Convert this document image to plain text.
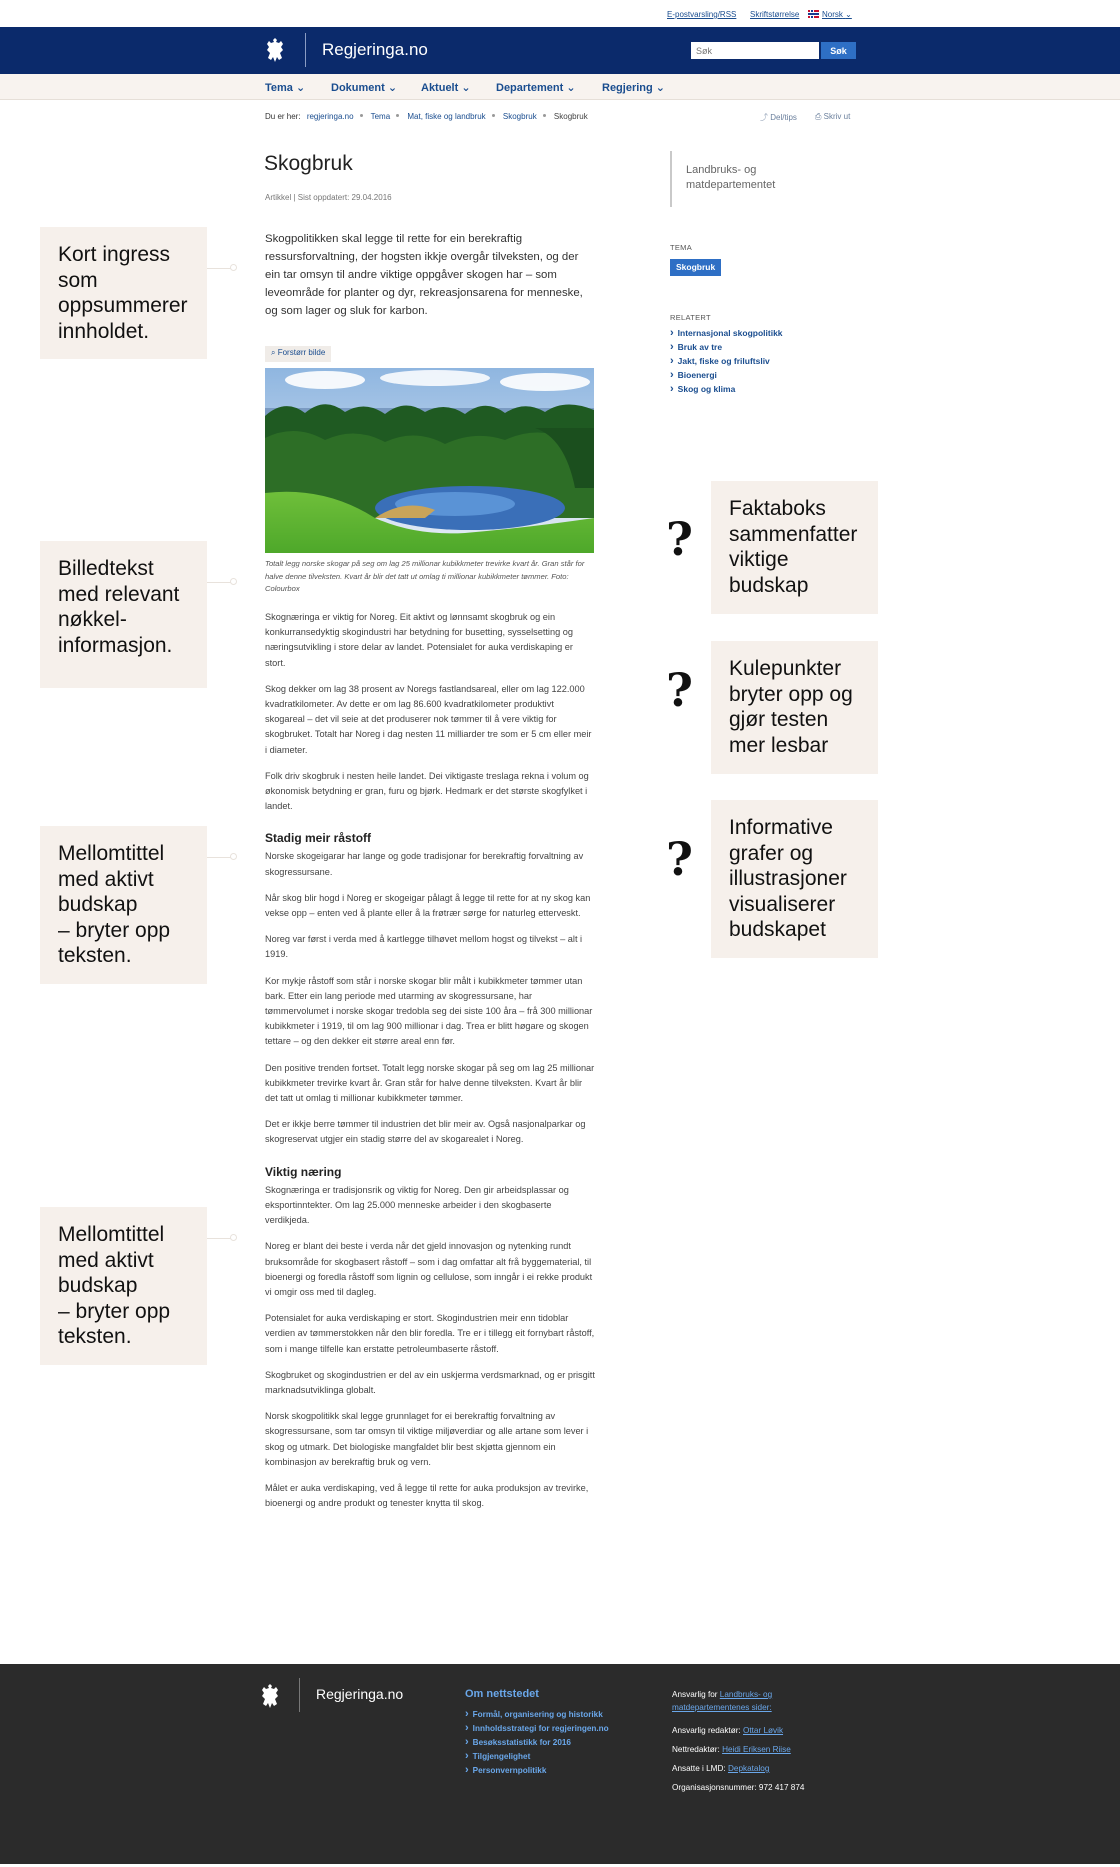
E-postvarsling/RSS Skriftstørrelse	Norsk ⌄
Regjeringa.no
Søk	Søk
Tema ⌄ Dokument ⌄ Aktuelt ⌄ Departement ⌄ Regjering ⌄
Du er her: regjeringa.no Tema Mat, fiske og landbruk Skogbruk Skogbruk	⤴ Del/tips ⎙ Skriv ut
Skogbruk
Artikkel | Sist oppdatert: 29.04.2016
Skogpolitikken skal legge til rette for ein berekraftig ressursforvaltning, der hogsten ikkje overgår tilveksten, og der ein tar omsyn til andre viktige oppgåver skogen har – som leveområde for planter og dyr, rekreasjonsarena for menneske, og som lager og sluk for karbon.
⌕ Forstørr bilde
Totalt legg norske skogar på seg om lag 25 millionar kubikkmeter trevirke kvart år. Gran står for halve denne tilveksten. Kvart år blir det tatt ut omlag ti millionar kubikkmeter tømmer. Foto: Colourbox

Skognæringa er viktig for Noreg. Eit aktivt og lønnsamt skogbruk og ein konkurransedyktig skogindustri har betydning for busetting, sysselsetting og næringsutvikling i store delar av landet. Potensialet for auka verdiskaping er stort.

Skog dekker om lag 38 prosent av Noregs fastlandsareal, eller om lag 122.000 kvadratkilometer. Av dette er om lag 86.600 kvadratkilometer produktivt skogareal – det vil seie at det produserer nok tømmer til å vere viktig for skogbruket. Totalt har Noreg i dag nesten 11 milliarder tre som er 5 cm eller meir i diameter.

Folk driv skogbruk i nesten heile landet. Dei viktigaste treslaga rekna i volum og økonomisk betydning er gran, furu og bjørk. Hedmark er det største skogfylket i landet.

Stadig meir råstoff

Norske skogeigarar har lange og gode tradisjonar for berekraftig forvaltning av skogressursane.

Når skog blir hogd i Noreg er skogeigar pålagt å legge til rette for at ny skog kan vekse opp – enten ved å plante eller å la frøtrær sørge for naturleg etterveskt.

Noreg var først i verda med å kartlegge tilhøvet mellom hogst og tilvekst – alt i 1919.

Kor mykje råstoff som står i norske skogar blir målt i kubikkmeter tømmer utan bark. Etter ein lang periode med utarming av skogressursane, har tømmervolumet i norske skogar tredobla seg dei siste 100 åra – frå 300 millionar kubikkmeter i 1919, til om lag 900 millionar i dag. Trea er blitt høgare og skogen tettare – og den dekker eit større areal enn før.

Den positive trenden fortset. Totalt legg norske skogar på seg om lag 25 millionar kubikkmeter trevirke kvart år. Gran står for halve denne tilveksten. Kvart år blir det tatt ut omlag ti millionar kubikkmeter tømmer.

Det er ikkje berre tømmer til industrien det blir meir av. Også nasjonalparkar og skogreservat utgjer ein stadig større del av skogarealet i Noreg.

Viktig næring

Skognæringa er tradisjonsrik og viktig for Noreg. Den gir arbeidsplassar og eksportinntekter. Om lag 25.000 menneske arbeider i den skogbaserte verdikjeda.

Noreg er blant dei beste i verda når det gjeld innovasjon og nytenking rundt bruksområde for skogbasert råstoff – som i dag omfattar alt frå byggematerial, til bioenergi og foredla råstoff som lignin og cellulose, som inngår i ei rekke produkt vi omgir oss med til dagleg.

Potensialet for auka verdiskaping er stort. Skogindustrien meir enn tidoblar verdien av tømmerstokken når den blir foredla. Tre er i tillegg eit fornybart råstoff, som i mange tilfelle kan erstatte petroleumbaserte råstoff.

Skogbruket og skogindustrien er del av ein uskjerma verdsmarknad, og er prisgitt marknadsutviklinga globalt.

Norsk skogpolitikk skal legge grunnlaget for ei berekraftig forvaltning av skogressursane, som tar omsyn til viktige miljøverdiar og alle artane som lever i skog og utmark. Det biologiske mangfaldet blir best skjøtta gjennom ein kombinasjon av berekraftig bruk og vern.

Målet er auka verdiskaping, ved å legge til rette for auka produksjon av trevirke, bioenergi og andre produkt og tenester knytta til skog.

Landbruks- og matdepartementet
TEMA
Skogbruk
RELATERT
› Internasjonal skogpolitikk
› Bruk av tre
› Jakt, fiske og friluftsliv
› Bioenergi
› Skog og klima
Kort ingress
som
oppsummerer
innholdet.
Billedtekst
med relevant
nøkkel-
informasjon.
Mellomtittel
med aktivt
budskap
– bryter opp
teksten.
Mellomtittel
med aktivt
budskap
– bryter opp
teksten.
?
Faktaboks
sammenfatter
viktige
budskap
? Kulepunkter
bryter opp og
gjør testen
mer lesbar
?
Informative
grafer og
illustrasjoner
visualiserer
budskapet
Regjeringa.no	Om nettstedet
› Formål, organisering og historikk
› Innholdsstrategi for regjeringen.no
› Besøksstatistikk for 2016
› Tilgjengelighet
› Personvernpolitikk
Ansvarlig for Landbruks- og
matdepartementenes sider:
Ansvarlig redaktør: Ottar Løvik
Nettredaktør: Heidi Eriksen Riise
Ansatte i LMD: Depkatalog
Organisasjonsnummer: 972 417 874
